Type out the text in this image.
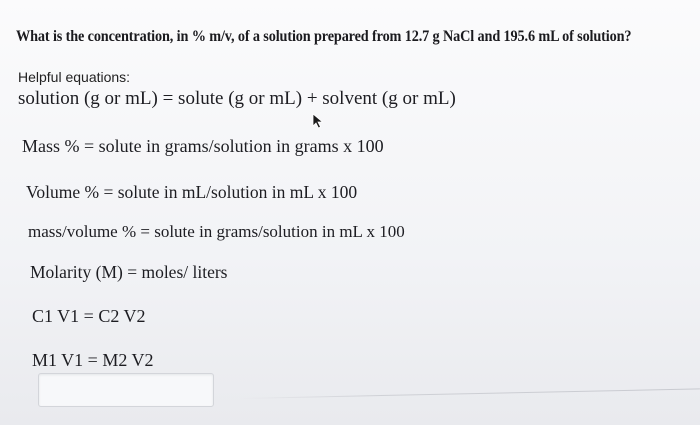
What is the concentration, in % m/v, of a solution prepared from 12.7 g NaCl and 195.6 mL of solution?
Helpful equations:
solution (g or mL) = solute (g or mL) + solvent (g or mL)
Mass % = solute in grams/solution in grams x 100
Volume % = solute in mL/solution in mL x 100
mass/volume % = solute in grams/solution in mL x 100
Molarity (M) = moles/ liters
C1 V1 = C2 V2
M1 V1 = M2 V2
